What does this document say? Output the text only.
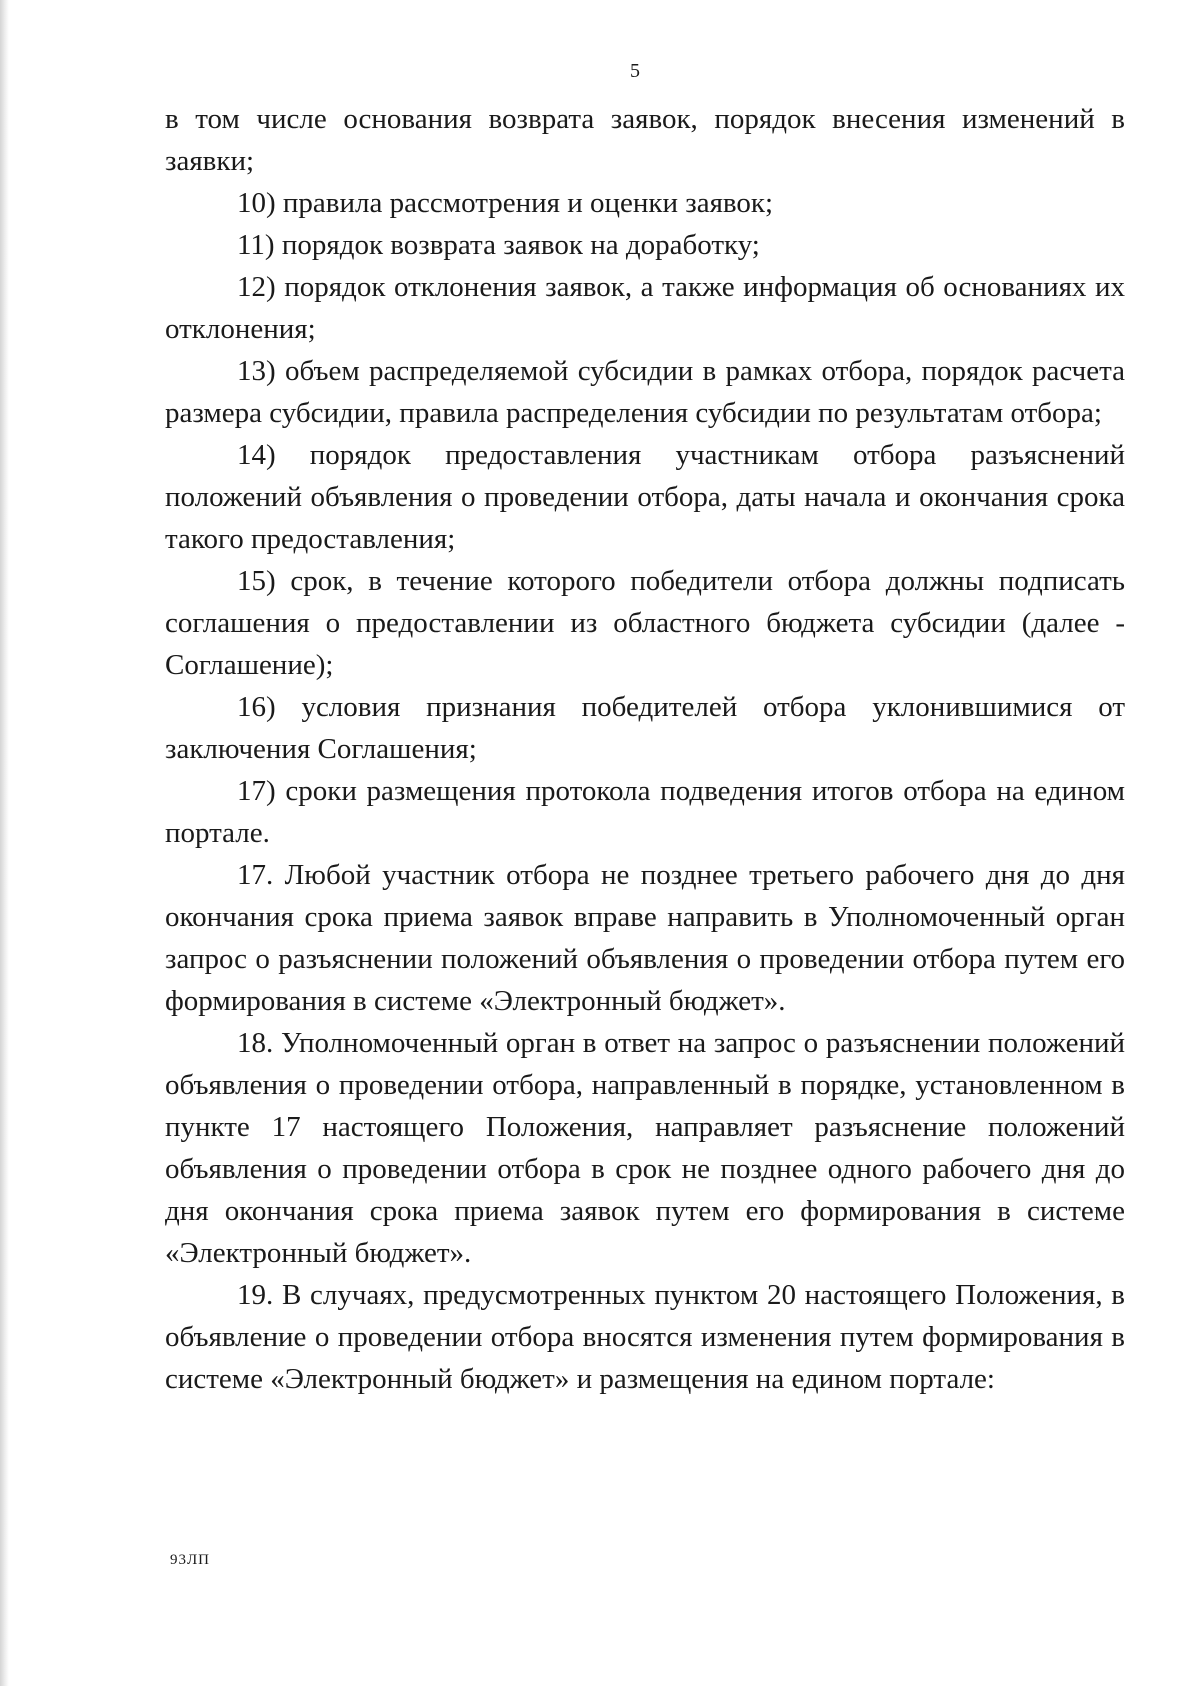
5

в том числе основания возврата заявок, порядок внесения изменений в заявки;

10) правила рассмотрения и оценки заявок;

11) порядок возврата заявок на доработку;

12) порядок отклонения заявок, а также информация об основаниях их отклонения;

13) объем распределяемой субсидии в рамках отбора, порядок расчета размера субсидии, правила распределения субсидии по результатам отбора;

14) порядок предоставления участникам отбора разъяснений положений объявления о проведении отбора, даты начала и окончания срока такого предоставления;

15) срок, в течение которого победители отбора должны подписать соглашения о предоставлении из областного бюджета субсидии (далее - Соглашение);

16) условия признания победителей отбора уклонившимися от заключения Соглашения;

17) сроки размещения протокола подведения итогов отбора на едином портале.

17. Любой участник отбора не позднее третьего рабочего дня до дня окончания срока приема заявок вправе направить в Уполномоченный орган запрос о разъяснении положений объявления о проведении отбора путем его формирования в системе «Электронный бюджет».

18. Уполномоченный орган в ответ на запрос о разъяснении положений объявления о проведении отбора, направленный в порядке, установленном в пункте 17 настоящего Положения, направляет разъяснение положений объявления о проведении отбора в срок не позднее одного рабочего дня до дня окончания срока приема заявок путем его формирования в системе «Электронный бюджет».

19. В случаях, предусмотренных пунктом 20 настоящего Положения, в объявление о проведении отбора вносятся изменения путем формирования в системе «Электронный бюджет» и размещения на едином портале:

93ЛП
